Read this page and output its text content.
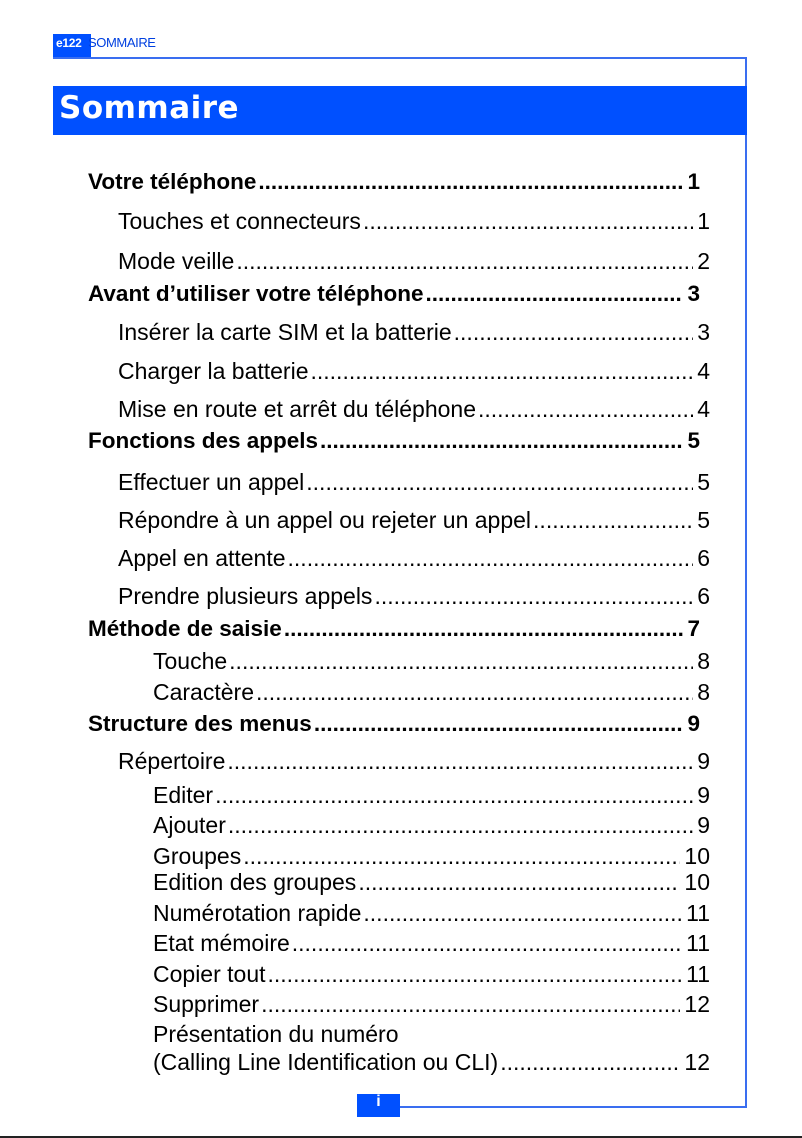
e122 SOMMAIRE
Sommaire
Votre téléphone .....	1
Touches et connecteurs .....	1
Mode veille .....	2
Avant d’utiliser votre téléphone .....	3
Insérer la carte SIM et la batterie .....	3
Charger la batterie .....	4
Mise en route et arrêt du téléphone .....	4
Fonctions des appels .....	5
Effectuer un appel .....	5
Répondre à un appel ou rejeter un appel .....	5
Appel en attente .....	6
Prendre plusieurs appels .....	6
Méthode de saisie .....	7
Touche .....	8
Caractère .....	8
Structure des menus .....	9
Répertoire .....	9
Editer .....	9
Ajouter .....	9
Groupes .....	10
Edition des groupes .....	10
Numérotation rapide .....	11
Etat mémoire .....	11
Copier tout .....	11
Supprimer .....	12
Présentation du numéro
(Calling Line Identification ou CLI) .....	12
i
